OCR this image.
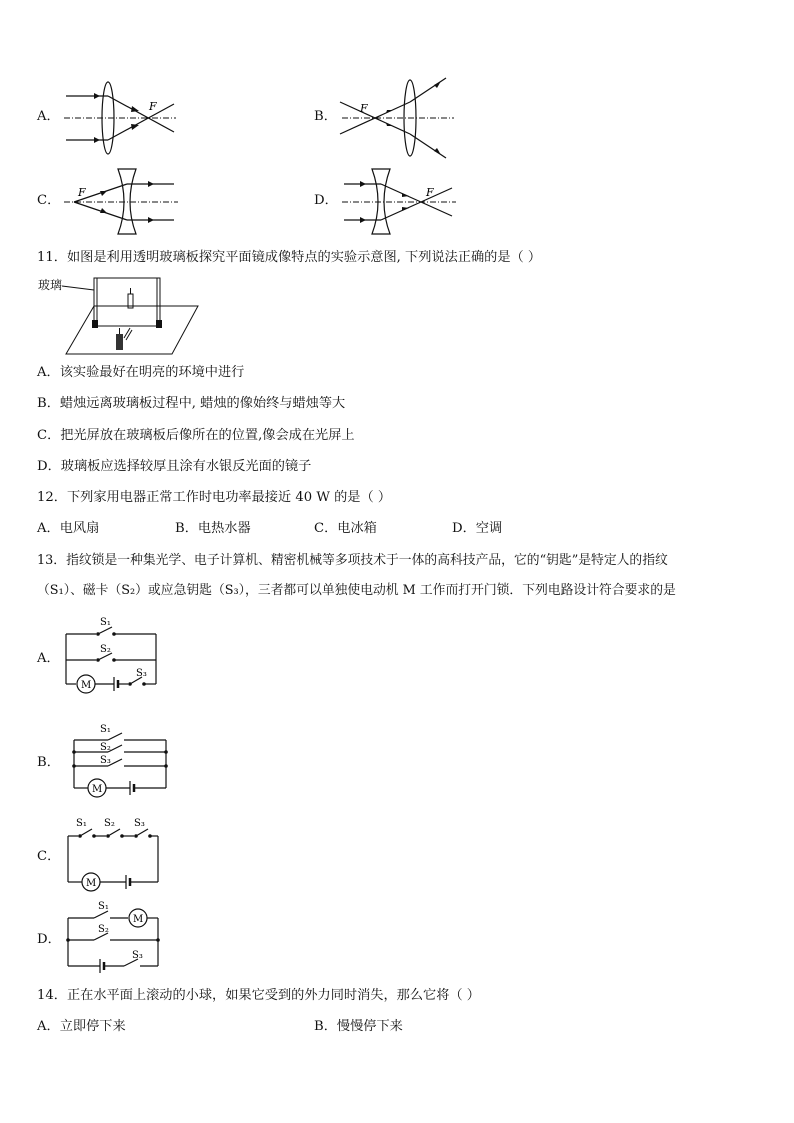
A．
F
B．
F
C．
F
D．
F
11．如图是利用透明玻璃板探究平面镜成像特点的实验示意图, 下列说法正确的是（ ）
玻璃
A．该实验最好在明亮的环境中进行
B．蜡烛远离玻璃板过程中, 蜡烛的像始终与蜡烛等大
C．把光屏放在玻璃板后像所在的位置,像会成在光屏上
D．玻璃板应选择较厚且涂有水银反光面的镜子
12．下列家用电器正常工作时电功率最接近 40 W 的是（ ）
A．电风扇	B．电热水器	C．电冰箱	D．空调
13．指纹锁是一种集光学、电子计算机、精密机械等多项技术于一体的高科技产品，它的“钥匙”是特定人的指纹
（S₁）、磁卡（S₂）或应急钥匙（S₃），三者都可以单独使电动机 M 工作而打开门锁．下列电路设计符合要求的是
A．
S₁
S₂
M
S₃
B．
S₁
S₂
S₃
M
C．
S₁ S₂ S₃
M
D．
M
S₁
S₂
S₃
14．正在水平面上滚动的小球，如果它受到的外力同时消失，那么它将（ ）
A．立即停下来	B．慢慢停下来
